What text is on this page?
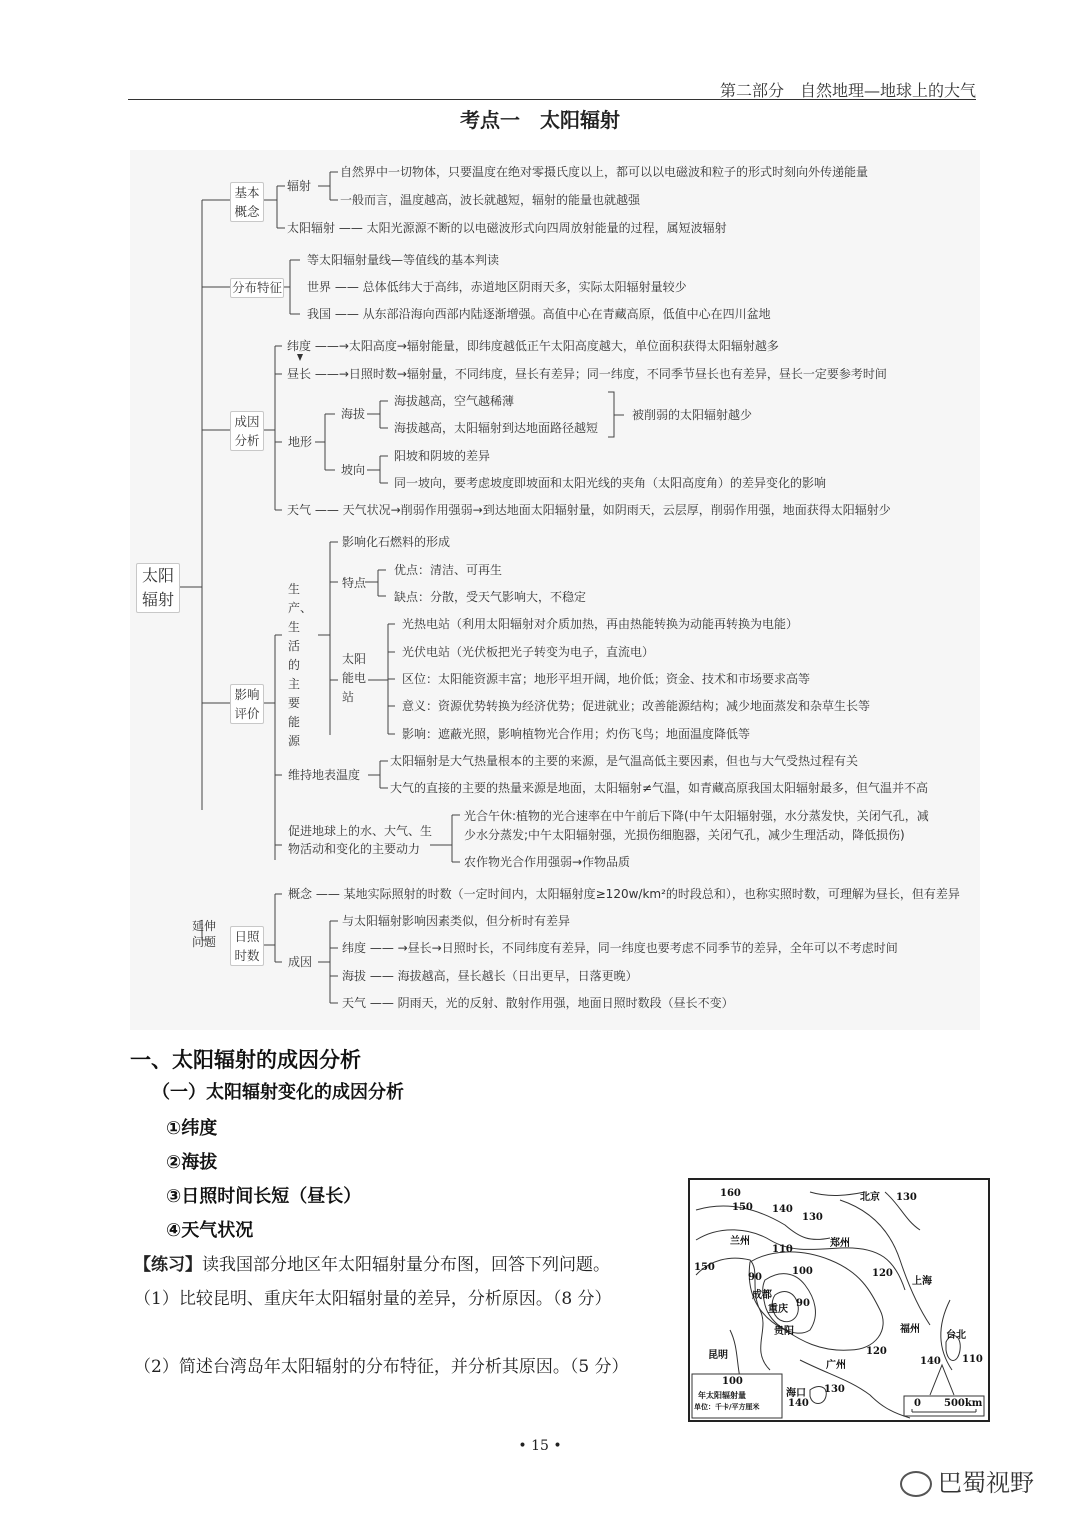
第二部分　自然地理—地球上的大气
考点一　太阳辐射
太阳辐射
基本概念
辐射
自然界中一切物体，只要温度在绝对零摄氏度以上，都可以以电磁波和粒子的形式时刻向外传递能量
一般而言，温度越高，波长就越短，辐射的能量也就越强
太阳辐射 —— 太阳光源源不断的以电磁波形式向四周放射能量的过程，属短波辐射
分布特征
等太阳辐射量线—等值线的基本判读
世界 —— 总体低纬大于高纬，赤道地区阴雨天多，实际太阳辐射量较少
我国 —— 从东部沿海向西部内陆逐渐增强。高值中心在青藏高原，低值中心在四川盆地
成因分析
纬度 ——→太阳高度→辐射能量，即纬度越低正午太阳高度越大，单位面积获得太阳辐射越多
昼长 ——→日照时数→辐射量，不同纬度，昼长有差异；同一纬度，不同季节昼长也有差异，昼长一定要参考时间
地形
海拔
海拔越高，空气越稀薄
海拔越高，太阳辐射到达地面路径越短
被削弱的太阳辐射越少
坡向
阳坡和阴坡的差异
同一坡向，要考虑坡度即坡面和太阳光线的夹角（太阳高度角）的差异变化的影响
天气 —— 天气状况→削弱作用强弱→到达地面太阳辐射量，如阴雨天，云层厚，削弱作用强，地面获得太阳辐射少
影响评价
生产、生活的主要能源
影响化石燃料的形成
特点
优点：清洁、可再生
缺点：分散，受天气影响大，不稳定
太阳能电站
光热电站（利用太阳辐射对介质加热，再由热能转换为动能再转换为电能）
光伏电站（光伏板把光子转变为电子，直流电）
区位：太阳能资源丰富；地形平坦开阔，地价低；资金、技术和市场要求高等
意义：资源优势转换为经济优势；促进就业；改善能源结构；减少地面蒸发和杂草生长等
影响：遮蔽光照，影响植物光合作用；灼伤飞鸟；地面温度降低等
维持地表温度
太阳辐射是大气热量根本的主要的来源，是气温高低主要因素，但也与大气受热过程有关
大气的直接的主要的热量来源是地面，太阳辐射≠气温，如青藏高原我国太阳辐射最多，但气温并不高
促进地球上的水、大气、生
物活动和变化的主要动力
光合午休:植物的光合速率在中午前后下降(中午太阳辐射强，水分蒸发快，关闭气孔，减
少水分蒸发;中午太阳辐射强，光损伤细胞器，关闭气孔，减少生理活动，降低损伤)
农作物光合作用强弱→作物品质
延伸问题	日照时数
概念 —— 某地实际照射的时数（一定时间内，太阳辐射度≥120w/km²的时段总和），也称实照时数，可理解为昼长，但有差异
成因
与太阳辐射影响因素类似，但分析时有差异
纬度 —— →昼长→日照时长，不同纬度有差异，同一纬度也要考虑不同季节的差异，全年可以不考虑时间
海拔 —— 海拔越高，昼长越长（日出更早，日落更晚）
天气 —— 阴雨天，光的反射、散射作用强，地面日照时数段（昼长不变）
一、太阳辐射的成因分析
（一）太阳辐射变化的成因分析
①纬度
②海拔
③日照时间长短（昼长）
④天气状况
【练习】读我国部分地区年太阳辐射量分布图，回答下列问题。
（1）比较昆明、重庆年太阳辐射量的差异，分析原因。（8 分）
（2）简述台湾岛年太阳辐射的分布特征，并分析其原因。（5 分）
160
150 140
130
130
110
100
90
90
120
150
120
140 110
130
140
北京
兰州	郑州
成都
重庆
贵阳
上海
福州
台北
昆明
广州
海口
100
年太阳辐射量
单位：千卡/平方厘米	0 500km
• 15 •
巴蜀视野
